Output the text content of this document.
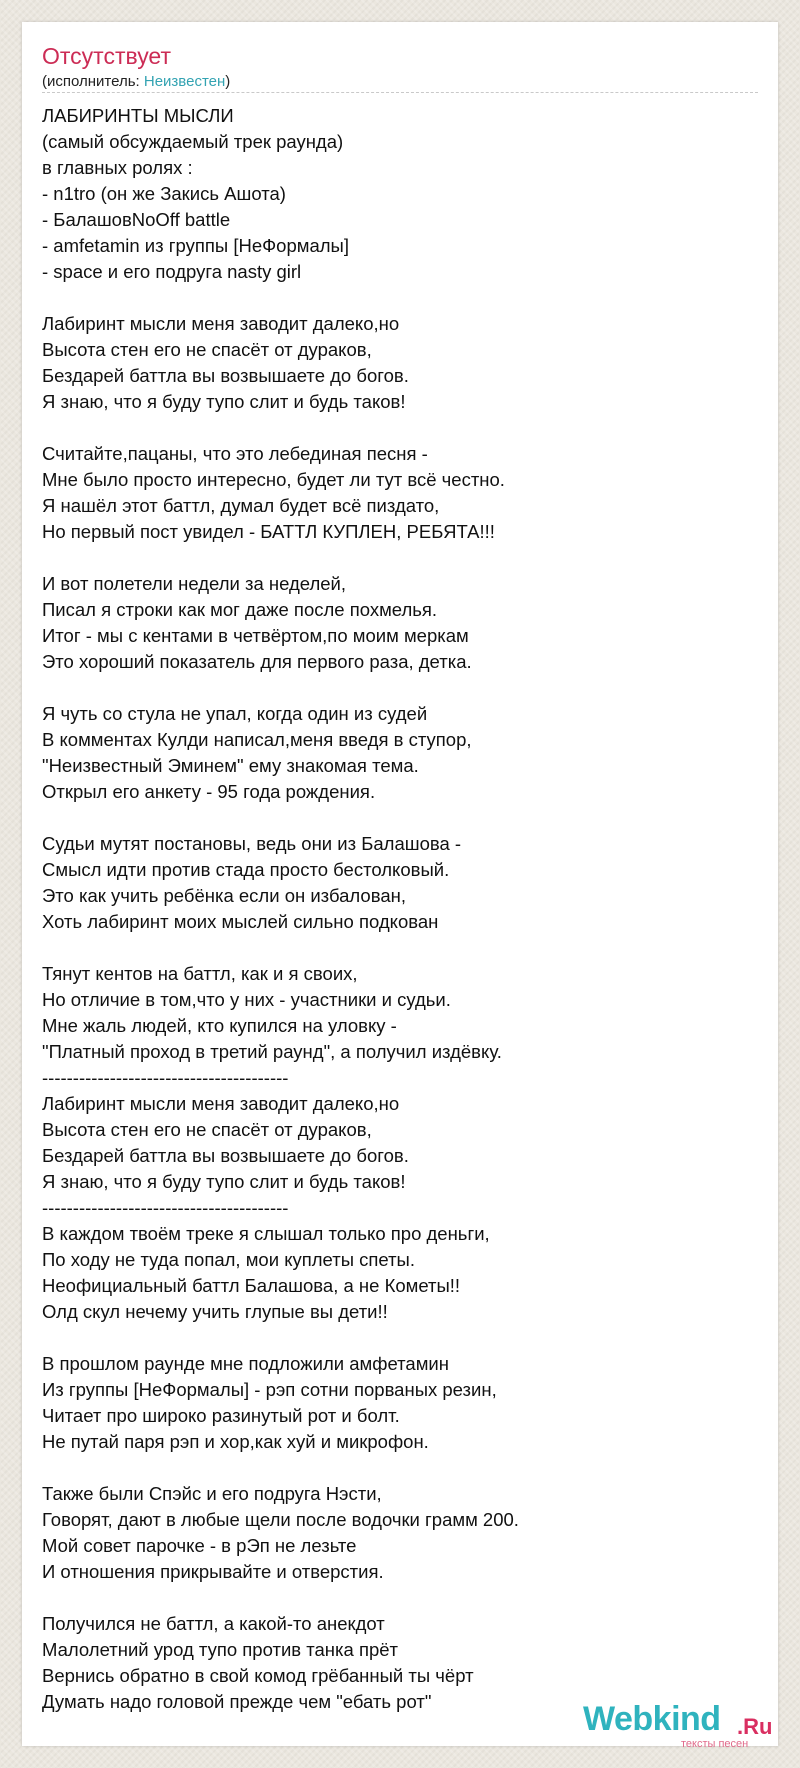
Отсутствует
(исполнитель: Неизвестен)
ЛАБИРИНТЫ МЫСЛИ
(самый обсуждаемый трек раунда)
в главных ролях :
- n1tro (он же Закись Ашота)
- БалашовNoOff battle
- amfetamin из группы [НеФормалы]
- space и его подруга nasty girl
Лабиринт мысли меня заводит далеко,но
Высота стен его не спасёт от дураков,
Бездарей баттла вы возвышаете до богов.
Я знаю, что я буду тупо слит и будь таков!
Считайте,пацаны, что это лебединая песня -
Мне было просто интересно, будет ли тут всё честно.
Я нашёл этот баттл, думал будет всё пиздато,
Но первый пост увидел - БАТТЛ КУПЛЕН, РЕБЯТА!!!
И вот полетели недели за неделей,
Писал я строки как мог даже после похмелья.
Итог - мы с кентами в четвёртом,по моим меркам
Это хороший показатель для первого раза, детка.
Я чуть со стула не упал, когда один из судей
В комментах Кулди написал,меня введя в ступор,
"Неизвестный Эминем" ему знакомая тема.
Открыл его анкету - 95 года рождения.
Судьи мутят постановы, ведь они из Балашова -
Смысл идти против стада просто бестолковый.
Это как учить ребёнка если он избалован,
Хоть лабиринт моих мыслей сильно подкован
Тянут кентов на баттл, как и я своих,
Но отличие в том,что у них - участники и судьи.
Мне жаль людей, кто купился на уловку -
"Платный проход в третий раунд", а получил издёвку.
----------------------------------------
Лабиринт мысли меня заводит далеко,но
Высота стен его не спасёт от дураков,
Бездарей баттла вы возвышаете до богов.
Я знаю, что я буду тупо слит и будь таков!
----------------------------------------
В каждом твоём треке я слышал только про деньги,
По ходу не туда попал, мои куплеты спеты.
Неофициальный баттл Балашова, а не Кометы!!
Олд скул нечему учить глупые вы дети!!
В прошлом раунде мне подложили амфетамин
Из группы [НеФормалы] - рэп сотни порваных резин,
Читает про широко разинутый рот и болт.
Не путай паря рэп и хор,как хуй и микрофон.
Также были Спэйс и его подруга Нэсти,
Говорят, дают в любые щели после водочки грамм 200.
Мой совет парочке - в рЭп не лезьте
И отношения прикрывайте и отверстия.
Получился не баттл, а какой-то анекдот
Малолетний урод тупо против танка прёт
Вернись обратно в свой комод грёбанный ты чёрт
Думать надо головой прежде чем "ебать рот"	Webkind .Ru
тексты песен
